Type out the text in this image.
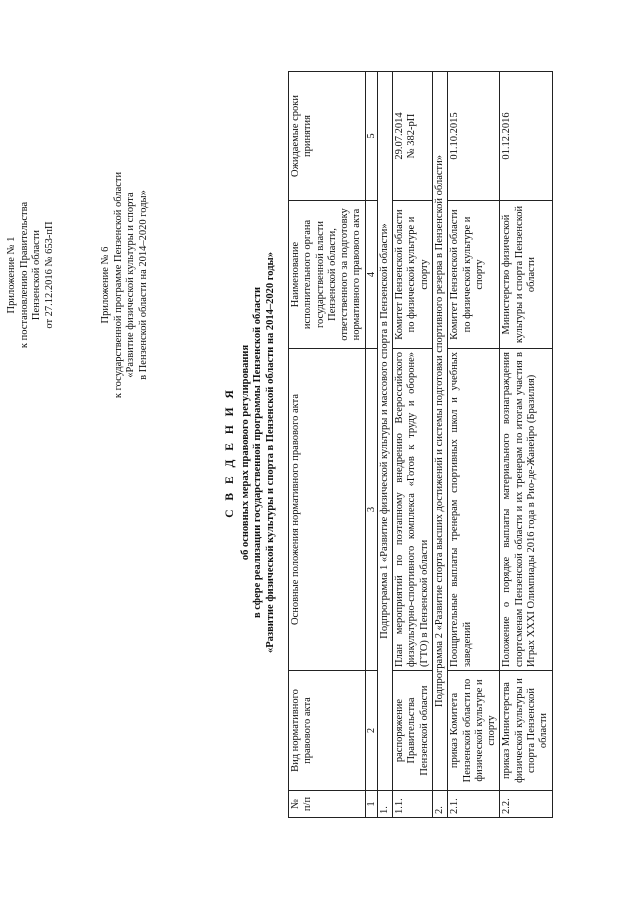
Приложение № 1 к постановлению Правительства Пензенской области от 27.12.2016 № 653-пП	Приложение № 6 к государственной программе Пензенской области «Развитие физической культуры и спорта в Пензенской области на 2014–2020 годы»
С В Е Д Е Н И Я об основных мерах правового регулирования в сфере реализации государственной программы Пензенской области «Развитие физической культуры и спорта в Пензенской области на 2014–2020 годы»
№ п/п	Вид нормативного правового акта	Основные положения нормативного правового акта	Наименование исполнительного органа государственной власти Пензенской области, ответственного за подготовку нормативного правового акта	Ожидаемые сроки принятия
1	2	3	4	5
1.	Подпрограмма 1 «Развитие физической культуры и массового спорта в Пензенской области»			
1.1.	распоряжение Правительства Пензенской области	План мероприятий по поэтапному внедрению Всероссийского физкультурно-спортивного комплекса «Готов к труду и обороне» (ГТО) в Пензенской области	Комитет Пензенской области по физической культуре и спорту	29.07.2014 № 382-рП

2.	Подпрограмма 2 «Развитие спорта высших достижений и системы подготовки спортивного резерва в Пензенской области»			
2.1.	приказ Комитета Пензенской области по физической культуре и спорту	Поощрительные выплаты тренерам спортивных школ и учебных заведений	Комитет Пензенской области по физической культуре и спорту	01.10.2015
2.2.	приказ Министерства физической культуры и спорта Пензенской области	Положение о порядке выплаты материального вознаграждения спортсменам Пензенской области и их тренерам по итогам участия в Играх XXXI Олимпиады 2016 года в Рио-де-Жанейро (Бразилия)	Министерство физической культуры и спорта Пензенской области	01.12.2016
